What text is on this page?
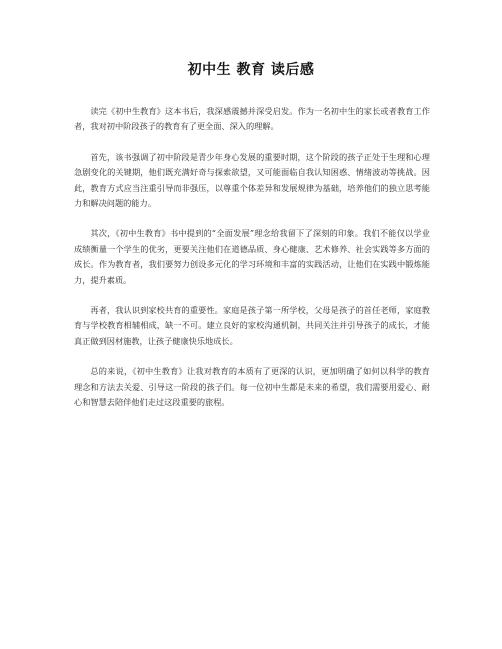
初中生 教育 读后感

读完《初中生教育》这本书后，我深感震撼并深受启发。作为一名初中生的家长或者教育工作者，我对初中阶段孩子的教育有了更全面、深入的理解。

首先，该书强调了初中阶段是青少年身心发展的重要时期，这个阶段的孩子正处于生理和心理急剧变化的关键期，他们既充满好奇与探索欲望，又可能面临自我认知困惑、情绪波动等挑战。因此，教育方式应当注重引导而非强压，以尊重个体差异和发展规律为基础，培养他们的独立思考能力和解决问题的能力。

其次，《初中生教育》书中提到的“全面发展”理念给我留下了深刻的印象。我们不能仅以学业成绩衡量一个学生的优劣，更要关注他们在道德品质、身心健康、艺术修养、社会实践等多方面的成长。作为教育者，我们要努力创设多元化的学习环境和丰富的实践活动，让他们在实践中锻炼能力，提升素质。

再者，我认识到家校共育的重要性。家庭是孩子第一所学校，父母是孩子的首任老师，家庭教育与学校教育相辅相成，缺一不可。建立良好的家校沟通机制，共同关注并引导孩子的成长，才能真正做到因材施教，让孩子健康快乐地成长。

总的来说，《初中生教育》让我对教育的本质有了更深的认识，更加明确了如何以科学的教育理念和方法去关爱、引导这一阶段的孩子们。每一位初中生都是未来的希望，我们需要用爱心、耐心和智慧去陪伴他们走过这段重要的旅程。
